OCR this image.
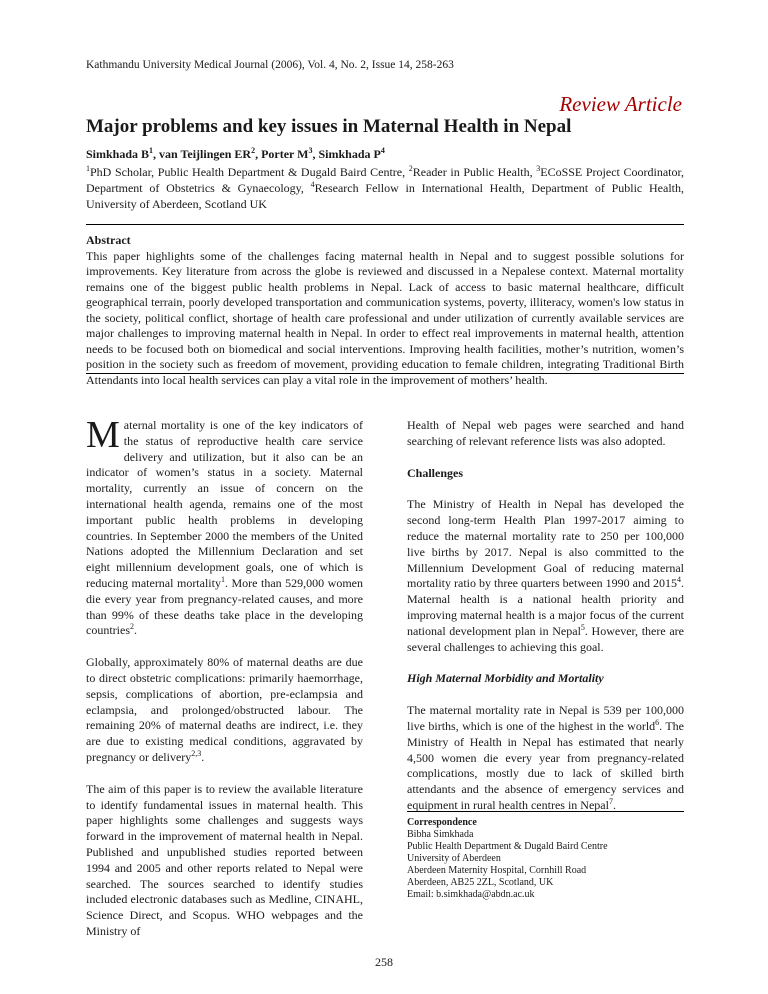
Kathmandu University Medical Journal (2006), Vol. 4, No. 2, Issue 14, 258-263
Review Article
Major problems and key issues in Maternal Health in Nepal
Simkhada $B^1$, van Teijlingen $ER^2$, Porter $M^3$, Simkhada $P^4$
$^1$PhD Scholar, Public Health Department & Dugald Baird Centre, $^2$Reader in Public Health, $^3$ECoSSE Project Coordinator, Department of Obstetrics & Gynaecology, $^4$Research Fellow in International Health, Department of Public Health, University of Aberdeen, Scotland UK

Abstract

This paper highlights some of the challenges facing maternal health in Nepal and to suggest possible solutions for improvements. Key literature from across the globe is reviewed and discussed in a Nepalese context. Maternal mortality remains one of the biggest public health problems in Nepal. Lack of access to basic maternal healthcare, difficult geographical terrain, poorly developed transportation and communication systems, poverty, illiteracy, women's low status in the society, political conflict, shortage of health care professional and under utilization of currently available services are major challenges to improving maternal health in Nepal. In order to effect real improvements in maternal health, attention needs to be focused both on biomedical and social interventions. Improving health facilities, mother’s nutrition, women’s position in the society such as freedom of movement, providing education to female children, integrating Traditional Birth Attendants into local health services can play a vital role in the improvement of mothers’ health.

Maternal mortality is one of the key indicators of the status of reproductive health care service delivery and utilization, but it also can be an indicator of women’s status in a society. Maternal mortality, currently an issue of concern on the international health agenda, remains one of the most important public health problems in developing countries. In September 2000 the members of the United Nations adopted the Millennium Declaration and set eight millennium development goals, one of which is reducing maternal mortality$^1$. More than 529,000 women die every year from pregnancy-related causes, and more than 99% of these deaths take place in the developing countries$^2$.

Globally, approximately 80% of maternal deaths are due to direct obstetric complications: primarily haemorrhage, sepsis, complications of abortion, pre-eclampsia and eclampsia, and prolonged/obstructed labour. The remaining 20% of maternal deaths are indirect, i.e. they are due to existing medical conditions, aggravated by pregnancy or delivery$^{2,3}$.

The aim of this paper is to review the available literature to identify fundamental issues in maternal health. This paper highlights some challenges and suggests ways forward in the improvement of maternal health in Nepal. Published and unpublished studies reported between 1994 and 2005 and other reports related to Nepal were searched. The sources searched to identify studies included electronic databases such as Medline, CINAHL, Science Direct, and Scopus. WHO webpages and the Ministry of

Health of Nepal web pages were searched and hand searching of relevant reference lists was also adopted.

Challenges

The Ministry of Health in Nepal has developed the second long-term Health Plan 1997-2017 aiming to reduce the maternal mortality rate to 250 per 100,000 live births by 2017. Nepal is also committed to the Millennium Development Goal of reducing maternal mortality ratio by three quarters between 1990 and 2015$^4$. Maternal health is a national health priority and improving maternal health is a major focus of the current national development plan in Nepal$^5$. However, there are several challenges to achieving this goal.

High Maternal Morbidity and Mortality

The maternal mortality rate in Nepal is 539 per 100,000 live births, which is one of the highest in the world$^6$. The Ministry of Health in Nepal has estimated that nearly 4,500 women die every year from pregnancy-related complications, mostly due to lack of skilled birth attendants and the absence of emergency services and equipment in rural health centres in Nepal$^7$.

Correspondence
Bibha Simkhada
Public Health Department & Dugald Baird Centre
University of Aberdeen
Aberdeen Maternity Hospital, Cornhill Road
Aberdeen, AB25 2ZL, Scotland, UK
Email: b.simkhada@abdn.ac.uk
258
